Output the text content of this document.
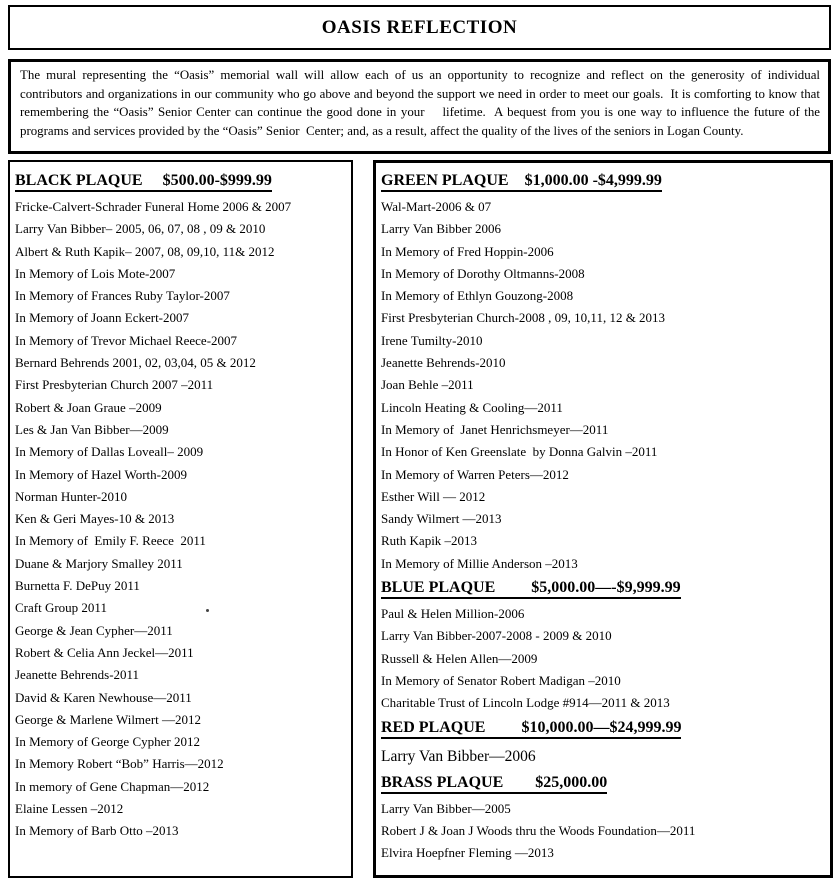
OASIS REFLECTION

The mural representing the “Oasis” memorial wall will allow each of us an opportunity to recognize and reflect on the generosity of individual contributors and organizations in our community who go above and beyond the support we need in order to meet our goals.  It is comforting to know that  remembering the “Oasis” Senior Center can continue the good done in your    lifetime.  A bequest from you is one way to influence the future of the programs and services provided by the “Oasis” Senior  Center; and, as a result, affect the quality of the lives of the seniors in Logan County.

BLACK PLAQUE     $500.00-$999.99
Fricke-Calvert-Schrader Funeral Home 2006 & 2007
Larry Van Bibber– 2005, 06, 07, 08 , 09 & 2010
Albert & Ruth Kapik– 2007, 08, 09,10, 11& 2012
In Memory of Lois Mote-2007
In Memory of Frances Ruby Taylor-2007
In Memory of Joann Eckert-2007
In Memory of Trevor Michael Reece-2007
Bernard Behrends 2001, 02, 03,04, 05 & 2012
First Presbyterian Church 2007 –2011
Robert & Joan Graue –2009
Les & Jan Van Bibber—2009
In Memory of Dallas Loveall– 2009
In Memory of Hazel Worth-2009
Norman Hunter-2010
Ken & Geri Mayes-10 & 2013
In Memory of  Emily F. Reece  2011
Duane & Marjory Smalley 2011
Burnetta F. DePuy 2011
Craft Group 2011
George & Jean Cypher—2011
Robert & Celia Ann Jeckel—2011
Jeanette Behrends-2011
David & Karen Newhouse—2011
George & Marlene Wilmert —2012
In Memory of George Cypher 2012
In Memory Robert “Bob” Harris—2012
In memory of Gene Chapman—2012
Elaine Lessen –2012
In Memory of Barb Otto –2013
GREEN PLAQUE    $1,000.00 -$4,999.99
Wal-Mart-2006 & 07
Larry Van Bibber 2006
In Memory of Fred Hoppin-2006
In Memory of Dorothy Oltmanns-2008
In Memory of Ethlyn Gouzong-2008
First Presbyterian Church-2008 , 09, 10,11, 12 & 2013
Irene Tumilty-2010
Jeanette Behrends-2010
Joan Behle –2011
Lincoln Heating & Cooling—2011
In Memory of  Janet Henrichsmeyer—2011
In Honor of Ken Greenslate  by Donna Galvin –2011
In Memory of Warren Peters—2012
Esther Will — 2012
Sandy Wilmert —2013
Ruth Kapik –2013
In Memory of Millie Anderson –2013
BLUE PLAQUE         $5,000.00—-$9,999.99
Paul & Helen Million-2006
Larry Van Bibber-2007-2008 - 2009 & 2010
Russell & Helen Allen—2009
In Memory of Senator Robert Madigan –2010
Charitable Trust of Lincoln Lodge #914—2011 & 2013
RED PLAQUE         $10,000.00—$24,999.99
Larry Van Bibber—2006
BRASS PLAQUE        $25,000.00
Larry Van Bibber—2005
Robert J & Joan J Woods thru the Woods Foundation—2011
Elvira Hoepfner Fleming —2013
